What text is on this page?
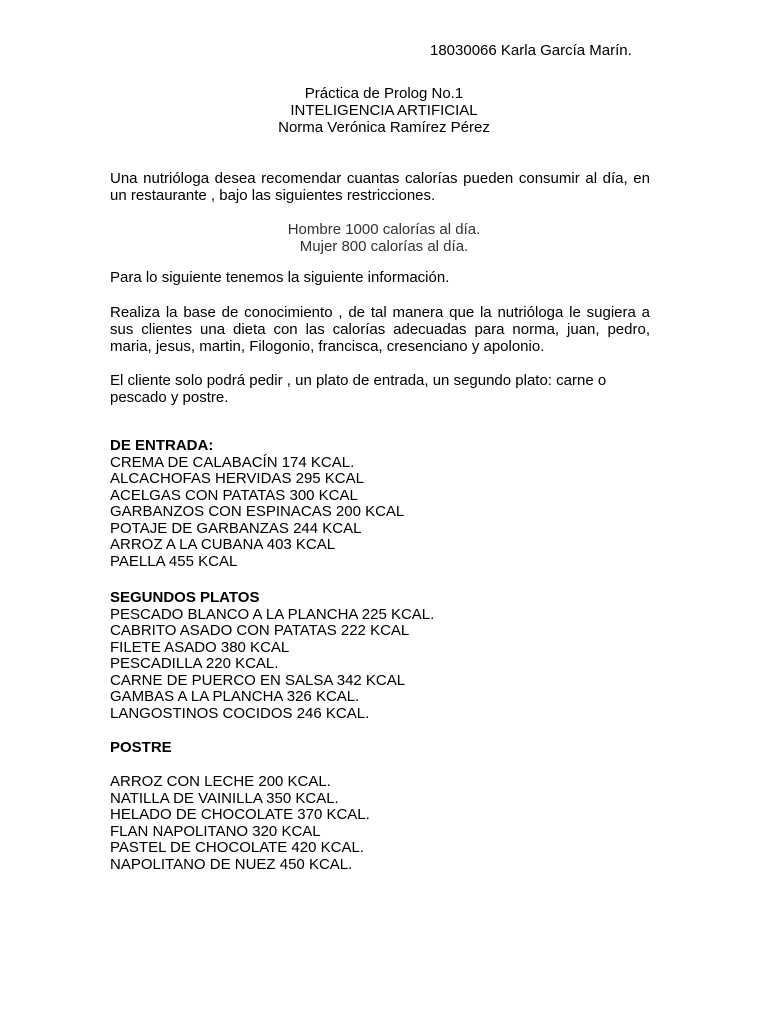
18030066 Karla García Marín.
Práctica de Prolog No.1
INTELIGENCIA ARTIFICIAL
Norma Verónica Ramírez Pérez

Una nutrióloga desea recomendar cuantas calorías pueden consumir al día, en un restaurante , bajo las siguientes restricciones.

Hombre 1000 calorías al día.
Mujer 800 calorías al día.

Para lo siguiente tenemos la siguiente información.

Realiza la base de conocimiento , de tal manera que la nutrióloga le sugiera a sus clientes una dieta con las calorías adecuadas para norma, juan, pedro, maria, jesus, martin, Filogonio, francisca, cresenciano y apolonio.

El cliente solo podrá pedir , un plato de entrada, un segundo plato: carne o pescado y postre.

DE ENTRADA:
CREMA DE CALABACÍN 174 KCAL.
ALCACHOFAS HERVIDAS 295 KCAL
ACELGAS CON PATATAS 300 KCAL
GARBANZOS CON ESPINACAS 200 KCAL
POTAJE DE GARBANZAS 244 KCAL
ARROZ A LA CUBANA 403 KCAL
PAELLA 455 KCAL
SEGUNDOS PLATOS
PESCADO BLANCO A LA PLANCHA 225 KCAL.
CABRITO ASADO CON PATATAS 222 KCAL
FILETE ASADO 380 KCAL
PESCADILLA 220 KCAL.
CARNE DE PUERCO EN SALSA 342 KCAL
GAMBAS A LA PLANCHA 326 KCAL.
LANGOSTINOS COCIDOS 246 KCAL.
POSTRE
ARROZ CON LECHE 200 KCAL.
NATILLA DE VAINILLA 350 KCAL.
HELADO DE CHOCOLATE 370 KCAL.
FLAN NAPOLITANO 320 KCAL
PASTEL DE CHOCOLATE 420 KCAL.
NAPOLITANO DE NUEZ 450 KCAL.
